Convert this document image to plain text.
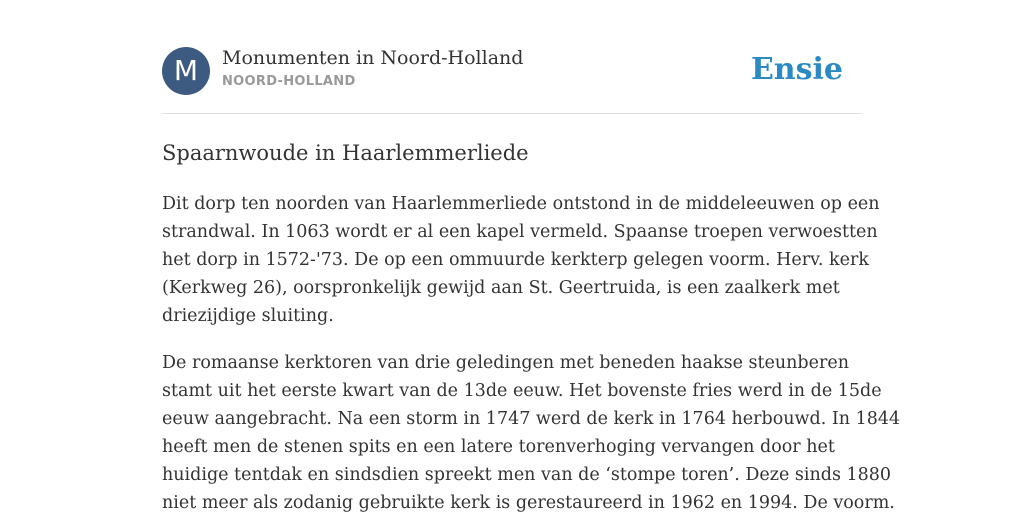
M	Monumenten in Noord-Holland
NOORD-HOLLAND	Ensie
Spaarnwoude in Haarlemmerliede

Dit dorp ten noorden van Haarlemmerliede ontstond in de middeleeuwen op een
strandwal. In 1063 wordt er al een kapel vermeld. Spaanse troepen verwoestten
het dorp in 1572-'73. De op een ommuurde kerkterp gelegen voorm. Herv. kerk
(Kerkweg 26), oorspronkelijk gewijd aan St. Geertruida, is een zaalkerk met
driezijdige sluiting.

De romaanse kerktoren van drie geledingen met beneden haakse steunberen
stamt uit het eerste kwart van de 13de eeuw. Het bovenste fries werd in de 15de
eeuw aangebracht. Na een storm in 1747 werd de kerk in 1764 herbouwd. In 1844
heeft men de stenen spits en een latere torenverhoging vervangen door het
huidige tentdak en sindsdien spreekt men van de ‘stompe toren’. Deze sinds 1880
niet meer als zodanig gebruikte kerk is gerestaureerd in 1962 en 1994. De voorm.
